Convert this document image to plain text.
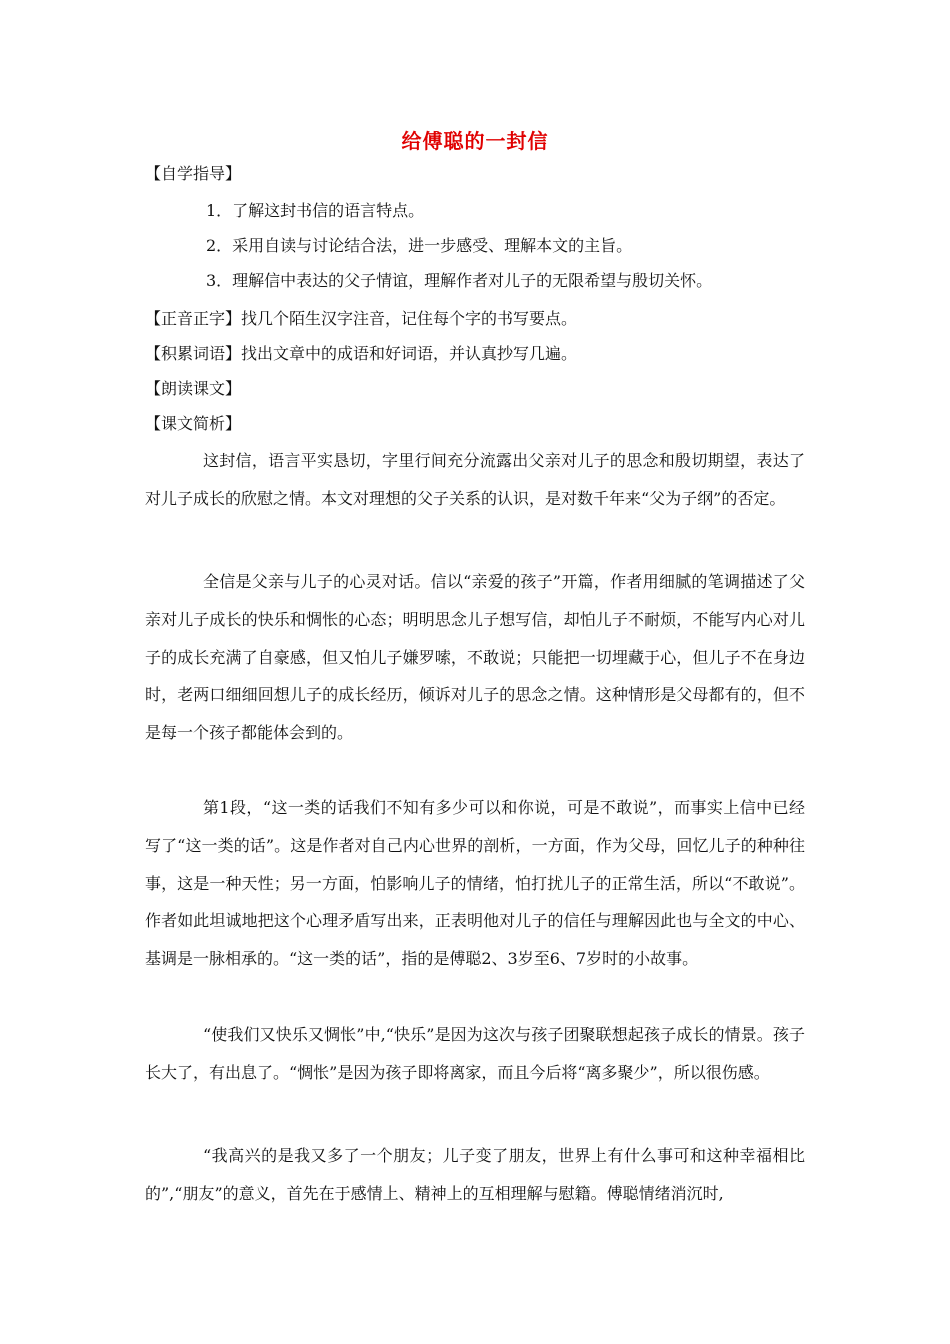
给傅聪的一封信
【自学指导】
1．了解这封书信的语言特点。
2．采用自读与讨论结合法，进一步感受、理解本文的主旨。
3．理解信中表达的父子情谊，理解作者对儿子的无限希望与殷切关怀。
【正音正字】找几个陌生汉字注音，记住每个字的书写要点。
【积累词语】找出文章中的成语和好词语，并认真抄写几遍。
【朗读课文】
【课文简析】
这封信，语言平实恳切，字里行间充分流露出父亲对儿子的思念和殷切期望，表达了对儿子成长的欣慰之情。本文对理想的父子关系的认识，是对数千年来“父为子纲”的否定。
全信是父亲与儿子的心灵对话。信以“亲爱的孩子”开篇，作者用细腻的笔调描述了父亲对儿子成长的快乐和惆怅的心态；明明思念儿子想写信，却怕儿子不耐烦，不能写内心对儿子的成长充满了自豪感，但又怕儿子嫌罗嗦，不敢说；只能把一切埋藏于心，但儿子不在身边时，老两口细细回想儿子的成长经历，倾诉对儿子的思念之情。这种情形是父母都有的，但不是每一个孩子都能体会到的。
第1段，“这一类的话我们不知有多少可以和你说，可是不敢说”，而事实上信中已经写了“这一类的话”。这是作者对自己内心世界的剖析，一方面，作为父母，回忆儿子的种种往事，这是一种天性；另一方面，怕影响儿子的情绪，怕打扰儿子的正常生活，所以“不敢说”。作者如此坦诚地把这个心理矛盾写出来，正表明他对儿子的信任与理解因此也与全文的中心、基调是一脉相承的。“这一类的话”，指的是傅聪2、3岁至6、7岁时的小故事。
“使我们又快乐又惆怅”中,“快乐”是因为这次与孩子团聚联想起孩子成长的情景。孩子长大了，有出息了。“惆怅”是因为孩子即将离家，而且今后将“离多聚少”，所以很伤感。
“我高兴的是我又多了一个朋友；儿子变了朋友，世界上有什么事可和这种幸福相比的”,“朋友”的意义，首先在于感情上、精神上的互相理解与慰籍。傅聪情绪消沉时,
